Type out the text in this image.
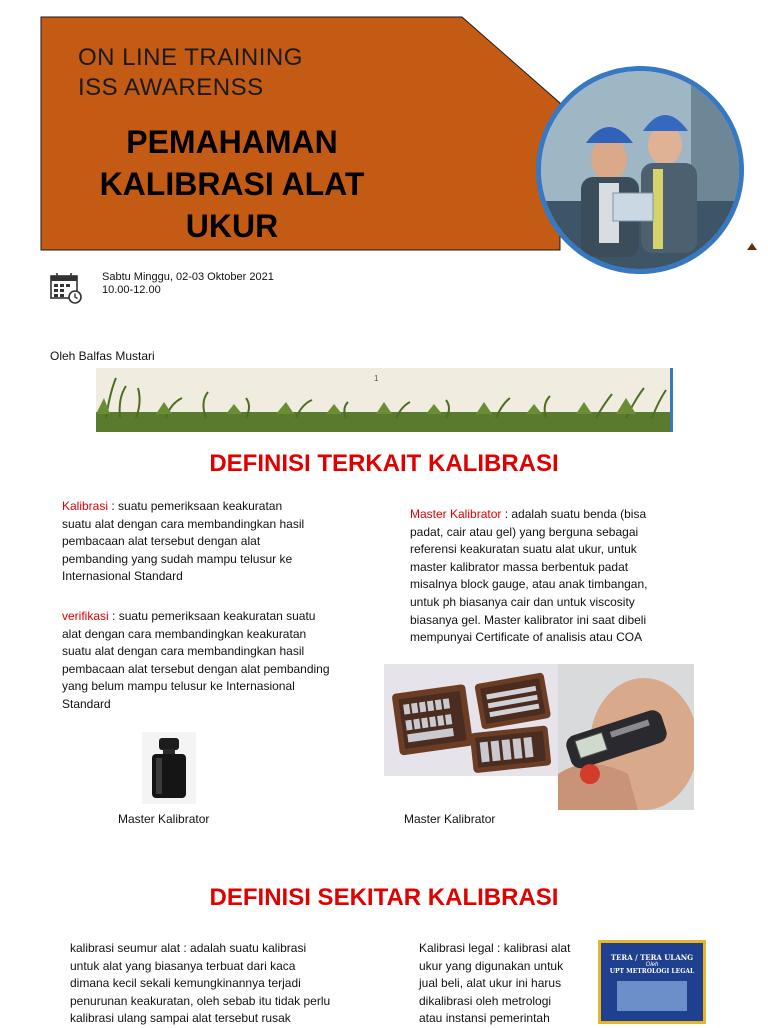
ON LINE TRAINING
ISS AWARENSS
PEMAHAMAN
KALIBRASI ALAT
UKUR
Sabtu Minggu, 02-03 Oktober 2021
10.00-12.00
Oleh Balfas Mustari
1
DEFINISI TERKAIT KALIBRASI
Kalibrasi : suatu pemeriksaan keakuratan
suatu alat dengan cara membandingkan hasil
pembacaan alat tersebut dengan alat
pembanding yang sudah mampu telusur ke
Internasional Standard
verifikasi : suatu pemeriksaan keakuratan suatu
alat dengan cara membandingkan keakuratan
suatu alat dengan cara membandingkan hasil
pembacaan alat tersebut dengan alat pembanding
yang belum mampu telusur ke Internasional
Standard
Master Kalibrator : adalah suatu benda (bisa
padat, cair atau gel) yang berguna sebagai
referensi keakuratan suatu alat ukur, untuk
master kalibrator massa berbentuk padat
misalnya block gauge, atau anak timbangan,
untuk ph biasanya cair dan untuk viscosity
biasanya gel. Master kalibrator ini saat dibeli
mempunyai Certificate of analisis atau COA
Master Kalibrator	Master Kalibrator
DEFINISI SEKITAR KALIBRASI
kalibrasi seumur alat : adalah suatu kalibrasi
untuk alat yang biasanya terbuat dari kaca
dimana kecil sekali kemungkinannya terjadi
penurunan keakuratan, oleh sebab itu tidak perlu
kalibrasi ulang sampai alat tersebut rusak
Kalibrasi legal : kalibrasi alat
ukur yang digunakan untuk
jual beli, alat ukur ini harus
dikalibrasi oleh metrologi
atau instansi pemerintah
TERA / TERA ULANG
Oleh
UPT METROLOGI LEGAL
